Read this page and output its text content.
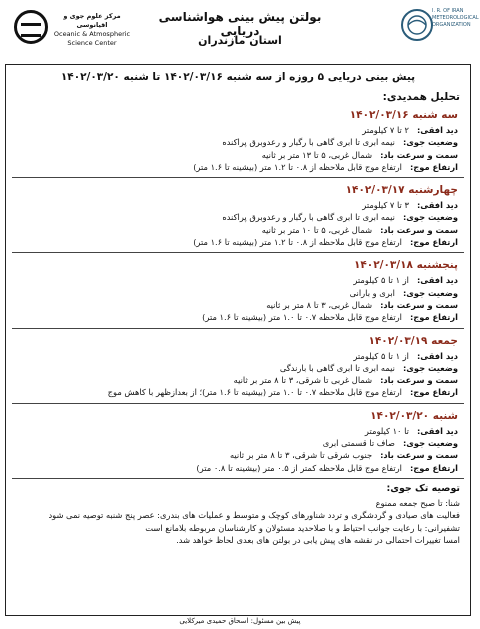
مرکز علوم جوی و اقیانوسی
Oceanic & Atmospheric
Science Center
بولتن پیش بینی هواشناسی دریایی
استان مازندران
I. R. OF IRAN
METEOROLOGICAL
ORGANIZATION
پیش بینی دریایی ۵ روزه از سه شنبه ۱۴۰۲/۰۳/۱۶ تا شنبه ۱۴۰۲/۰۳/۲۰
تحلیل همدیدی:
سه شنبه ۱۴۰۲/۰۳/۱۶
دید افقی:۲ تا ۷ کیلومتر
وضعیت جوی:نیمه ابری تا ابری گاهی با رگبار و رعدوبرق پراکنده
سمت و سرعت باد:شمال غربی، ۵ تا ۱۳ متر بر ثانیه
ارتفاع موج:ارتفاع موج قابل ملاحظه از ۰.۸ تا ۱.۲ متر (بیشینه تا ۱.۶ متر)
چهارشنبه ۱۴۰۲/۰۳/۱۷
دید افقی:۳ تا ۷ کیلومتر
وضعیت جوی:نیمه ابری تا ابری گاهی با رگبار و رعدوبرق پراکنده
سمت و سرعت باد:شمال غربی، ۵ تا ۱۰ متر بر ثانیه
ارتفاع موج:ارتفاع موج قابل ملاحظه از ۰.۸ تا ۱.۲ متر (بیشینه تا ۱.۶ متر)
پنجشنبه ۱۴۰۲/۰۳/۱۸
دید افقی:از ۱ تا ۵ کیلومتر
وضعیت جوی:ابری و بارانی
سمت و سرعت باد:شمال غربی، ۳ تا ۸ متر بر ثانیه
ارتفاع موج:ارتفاع موج قابل ملاحظه ۰.۷ تا ۱.۰ متر (بیشینه تا ۱.۶ متر)
جمعه ۱۴۰۲/۰۳/۱۹
دید افقی:از ۱ تا ۵ کیلومتر
وضعیت جوی:نیمه ابری تا ابری گاهی با بارندگی
سمت و سرعت باد:شمال غربی تا شرقی، ۳ تا ۸ متر بر ثانیه
ارتفاع موج:ارتفاع موج قابل ملاحظه ۰.۷ تا ۱.۰ متر (بیشینه تا ۱.۶ متر)؛ از بعدازظهر با کاهش موج
شنبه ۱۴۰۲/۰۳/۲۰
دید افقی:تا ۱۰ کیلومتر
وضعیت جوی:صاف تا قسمتی ابری
سمت و سرعت باد:جنوب شرقی تا شرقی، ۳ تا ۸ متر بر ثانیه
ارتفاع موج:ارتفاع موج قابل ملاحظه کمتر از ۰.۵ متر (بیشینه تا ۰.۸ متر)
توصیه تک جوی:
شنا: تا صبح جمعه ممنوع
فعالیت های صیادی و گردشگری و تردد شناورهای کوچک و متوسط و عملیات های بندری: عصر پنج شنبه توصیه نمی شود
تشفیرانی: با رعایت جوانب احتیاط و با صلاحدید مسئولان و کارشناسان مربوطه بلامانع است
امسا تغییرات احتمالی در نقشه های پیش یابی در بولتن های بعدی لحاظ خواهد شد.
پیش بین مسئول: اسحاق حمیدی میرکلایی
